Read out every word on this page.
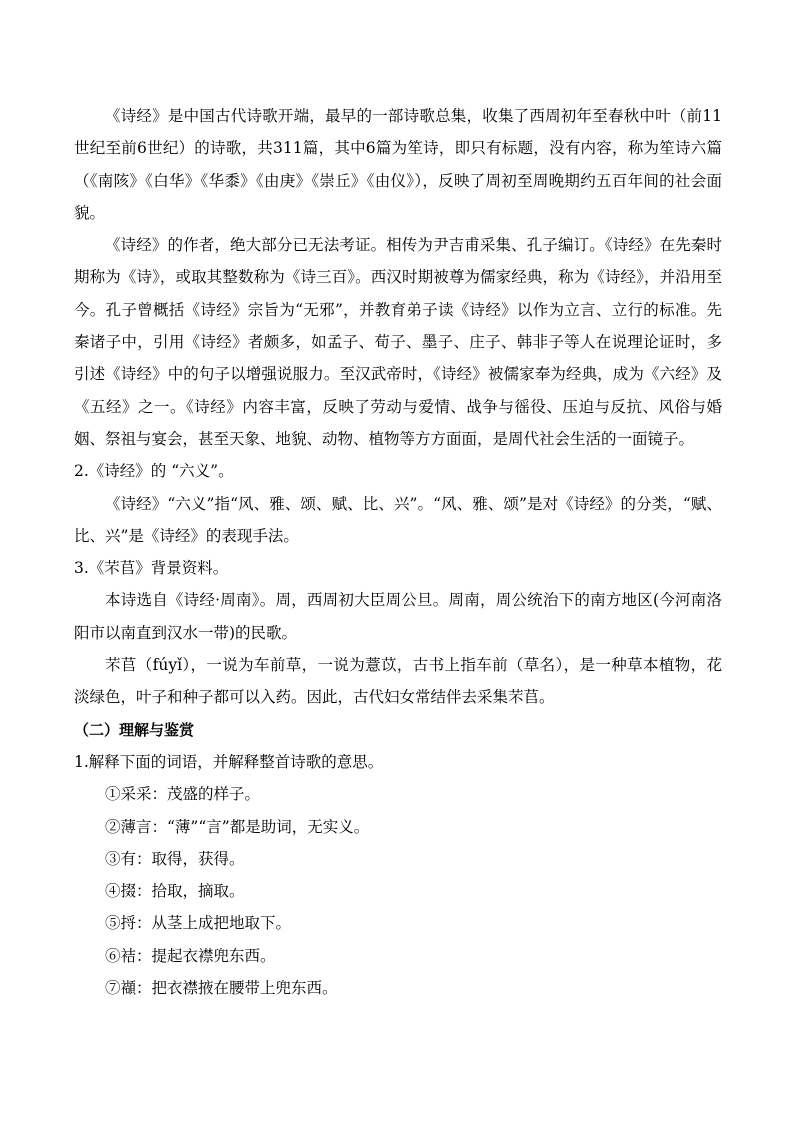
《诗经》是中国古代诗歌开端，最早的一部诗歌总集，收集了西周初年至春秋中叶（前11世纪至前6世纪）的诗歌，共311篇，其中6篇为笙诗，即只有标题，没有内容，称为笙诗六篇（《南陔》《白华》《华黍》《由庚》《崇丘》《由仪》），反映了周初至周晚期约五百年间的社会面貌。

《诗经》的作者，绝大部分已无法考证。相传为尹吉甫采集、孔子编订。《诗经》在先秦时期称为《诗》，或取其整数称为《诗三百》。西汉时期被尊为儒家经典，称为《诗经》，并沿用至今。孔子曾概括《诗经》宗旨为“无邪”，并教育弟子读《诗经》以作为立言、立行的标准。先秦诸子中，引用《诗经》者颇多，如孟子、荀子、墨子、庄子、韩非子等人在说理论证时，多引述《诗经》中的句子以增强说服力。至汉武帝时，《诗经》被儒家奉为经典，成为《六经》及《五经》之一。《诗经》内容丰富，反映了劳动与爱情、战争与徭役、压迫与反抗、风俗与婚姻、祭祖与宴会，甚至天象、地貌、动物、植物等方方面面，是周代社会生活的一面镜子。

2.《诗经》的 “六义”。

《诗经》“六义”指“风、雅、颂、赋、比、兴”。“风、雅、颂”是对《诗经》的分类，“赋、比、兴”是《诗经》的表现手法。

3.《芣苢》背景资料。

本诗选自《诗经·周南》。周，西周初大臣周公旦。周南，周公统治下的南方地区(今河南洛阳市以南直到汉水一带)的民歌。

芣苢（fúyǐ），一说为车前草，一说为薏苡，古书上指车前（草名），是一种草本植物，花淡绿色，叶子和种子都可以入药。因此，古代妇女常结伴去采集芣苢。

（二）理解与鉴赏

1.解释下面的词语，并解释整首诗歌的意思。

①采采：茂盛的样子。

②薄言：“薄”“言”都是助词，无实义。

③有：取得，获得。

④掇：拾取，摘取。

⑤捋：从茎上成把地取下。

⑥袺：提起衣襟兜东西。

⑦襭：把衣襟掖在腰带上兜东西。
